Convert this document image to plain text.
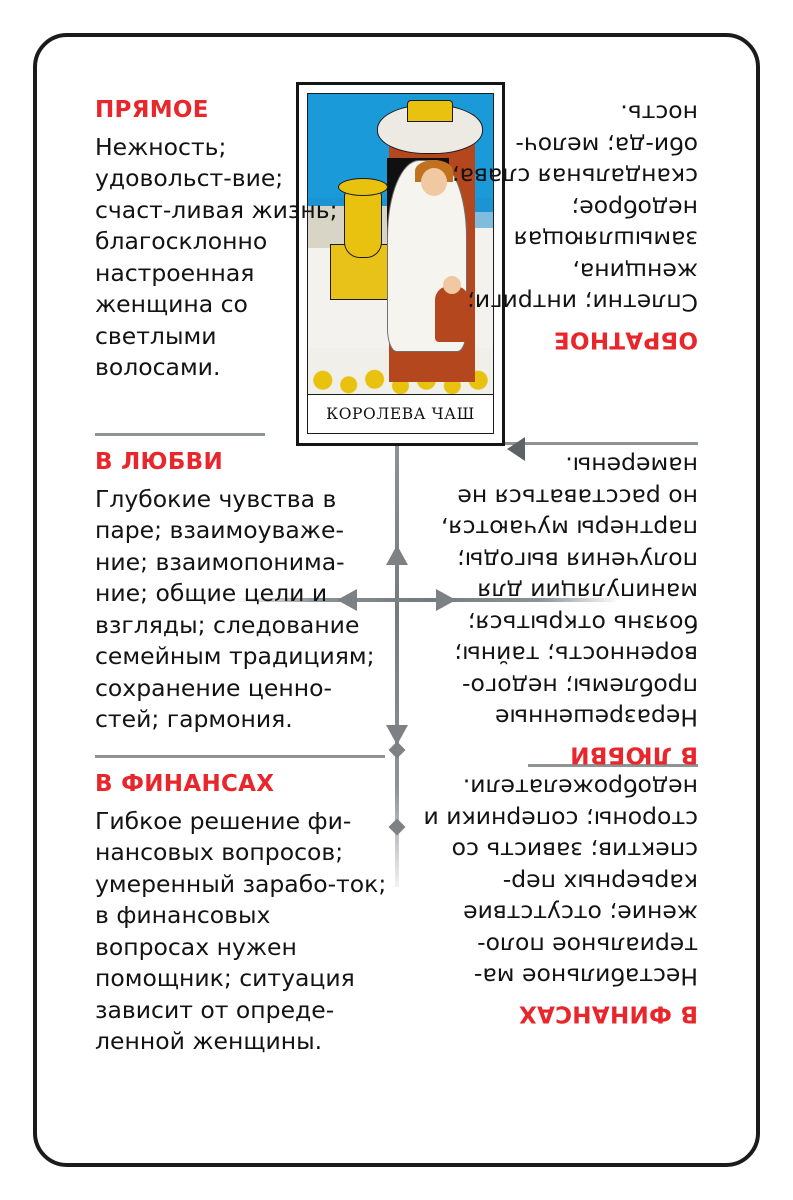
КОРОЛЕВА ЧАШ
ПРЯМОЕ
Нежность; удовольст-вие; счаст-ливая жизнь; благосклонно настроенная женщина со светлыми волосами.
В ЛЮБВИ
Глубокие чувства в паре; взаимоуваже-ние; взаимопонима-ние; общие цели и взгляды; следование семейным традициям; сохранение ценно-стей; гармония.
В ФИНАНСАХ
Гибкое решение фи-нансовых вопросов; умеренный зарабо-ток; в финансовых вопросах нужен помощник; ситуация зависит от опреде-ленной женщины.
ОБРАТНОЕ
Сплетни; интриги; женщина, замышляющая недоброе; скандальная слава; оби-да; мелоч-ность.
В ЛЮБВИ
Неразрешенные проблемы; недого-воренность; тайны; боязнь открыться; манипуляции для получения выгоды; партнеры мучаются, но расставаться не намерены.
В ФИНАНСАХ
Нестабильное ма-териальное поло-жение; отсутствие карьерных пер-спектив; зависть со стороны; соперники и недоброжелатели.
